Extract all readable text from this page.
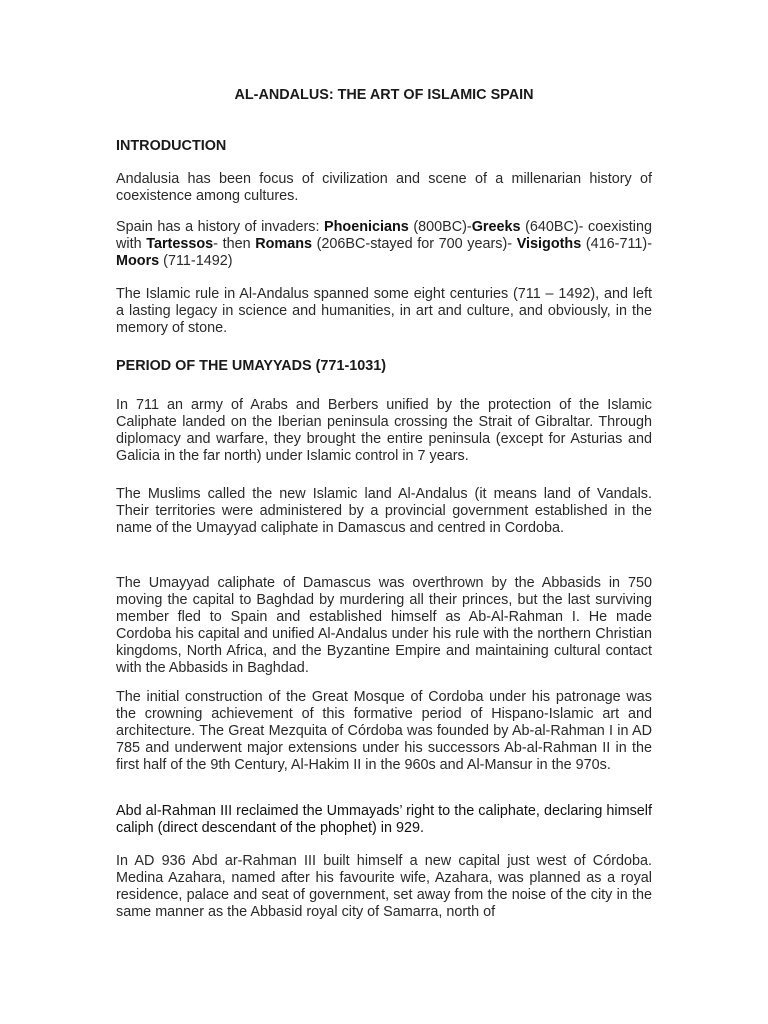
AL-ANDALUS: THE ART OF ISLAMIC SPAIN
INTRODUCTION

Andalusia has been focus of civilization and scene of a millenarian history of coexistence among cultures.

Spain has a history of invaders: Phoenicians (800BC)-Greeks (640BC)- coexisting with Tartessos- then Romans (206BC-stayed for 700 years)- Visigoths (416-711)- Moors (711-1492)

The Islamic rule in Al-Andalus spanned some eight centuries (711 – 1492), and left a lasting legacy in science and humanities, in art and culture, and obviously, in the memory of stone.

PERIOD OF THE UMAYYADS (771-1031)

In 711 an army of Arabs and Berbers unified by the protection of the Islamic Caliphate landed on the Iberian peninsula crossing the Strait of Gibraltar. Through diplomacy and warfare, they brought the entire peninsula (except for Asturias and Galicia in the far north) under Islamic control in 7 years.

The Muslims called the new Islamic land Al-Andalus (it means land of Vandals. Their territories were administered by a provincial government established in the name of the Umayyad caliphate in Damascus and centred in Cordoba.

The Umayyad caliphate of Damascus was overthrown by the Abbasids in 750 moving the capital to Baghdad by murdering all their princes, but the last surviving member fled to Spain and established himself as Ab-Al-Rahman I. He made Cordoba his capital and unified Al-Andalus under his rule with the northern Christian kingdoms, North Africa, and the Byzantine Empire and maintaining cultural contact with the Abbasids in Baghdad.

The initial construction of the Great Mosque of Cordoba under his patronage was the crowning achievement of this formative period of Hispano-Islamic art and architecture. The Great Mezquita of Córdoba was founded by Ab-al-Rahman I in AD 785 and underwent major extensions under his successors Ab-al-Rahman II in the first half of the 9th Century, Al-Hakim II in the 960s and Al-Mansur in the 970s.

Abd al-Rahman III reclaimed the Ummayads’ right to the caliphate, declaring himself caliph (direct descendant of the phophet) in 929.

In AD 936 Abd ar-Rahman III built himself a new capital just west of Córdoba. Medina Azahara, named after his favourite wife, Azahara, was planned as a royal residence, palace and seat of government, set away from the noise of the city in the same manner as the Abbasid royal city of Samarra, north of
